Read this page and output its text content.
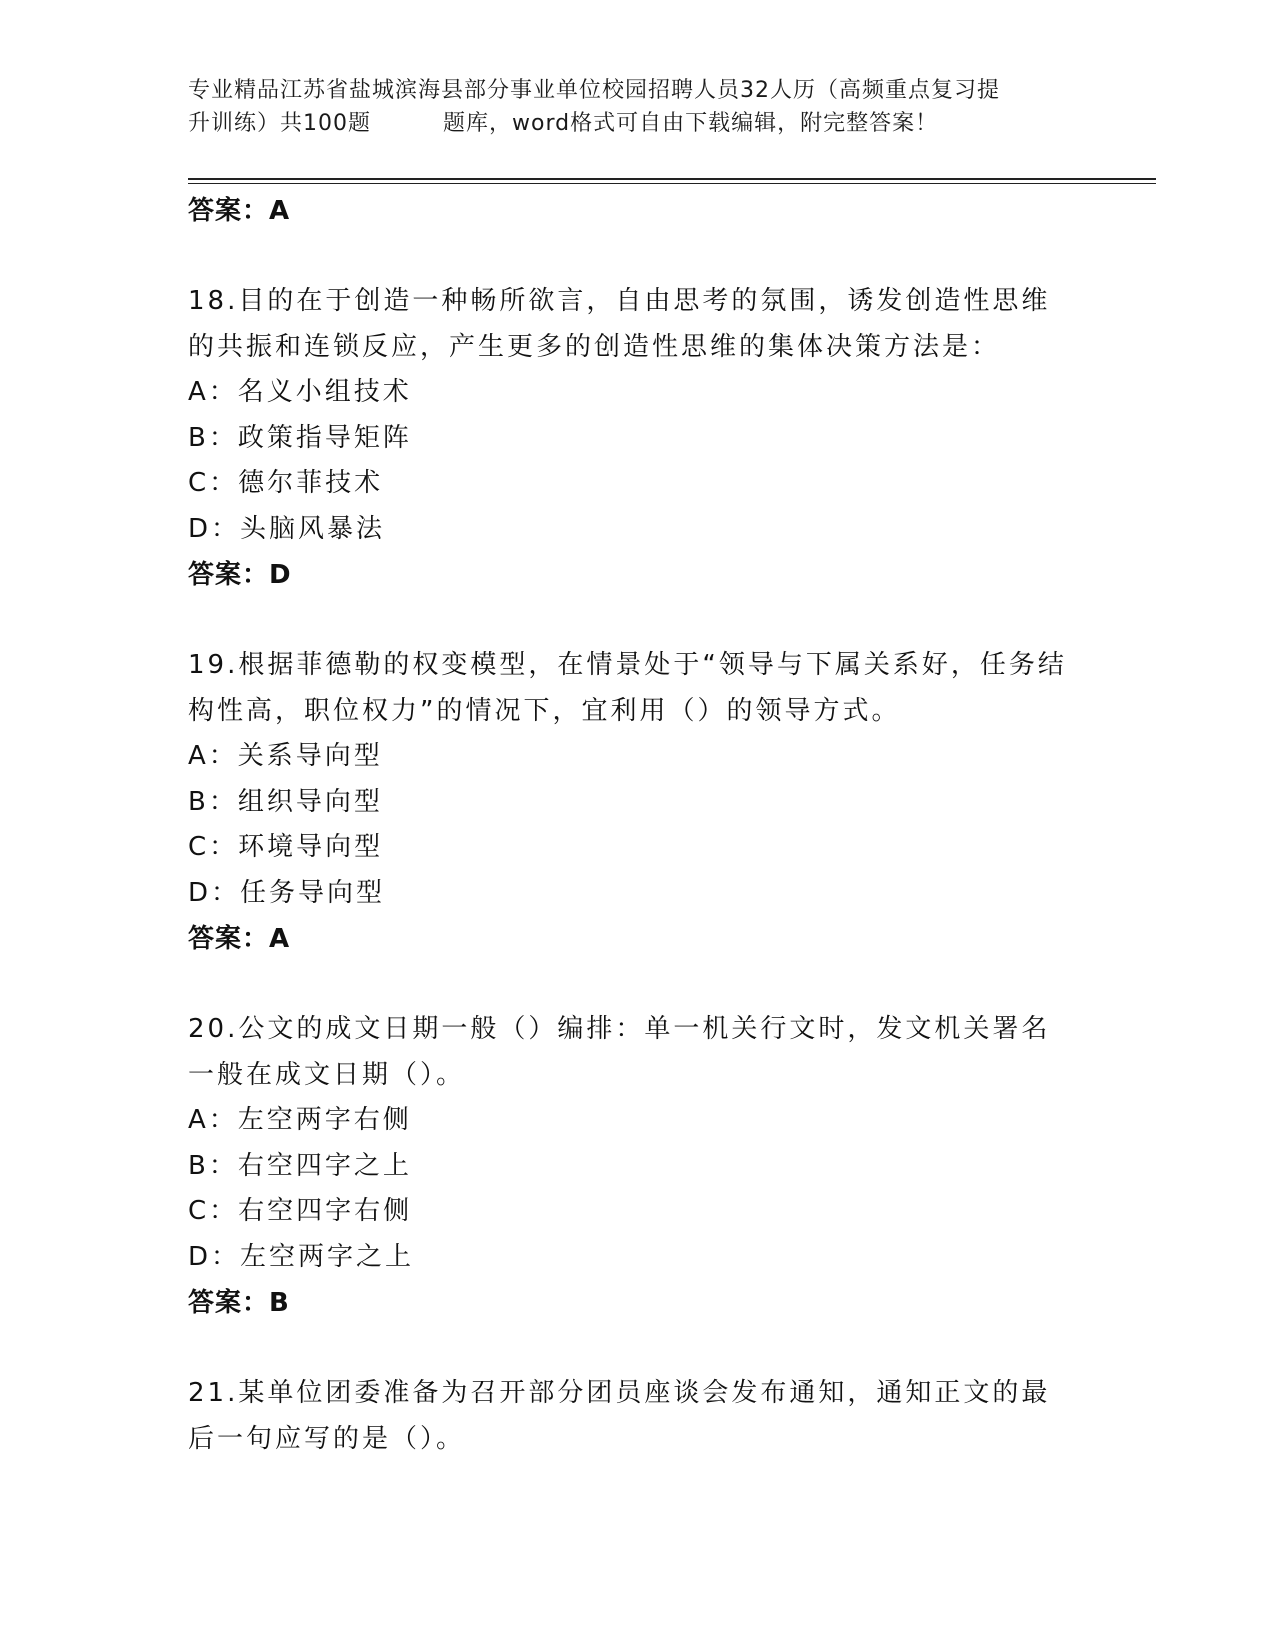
专业精品江苏省盐城滨海县部分事业单位校园招聘人员32人历（高频重点复习提
升训练）共100题	题库，word格式可自由下载编辑，附完整答案！
答案：A
18.目的在于创造一种畅所欲言，自由思考的氛围，诱发创造性思维的共振和连锁反应，产生更多的创造性思维的集体决策方法是：
A：名义小组技术
B：政策指导矩阵
C：德尔菲技术
D：头脑风暴法
答案：D
19.根据菲德勒的权变模型，在情景处于“领导与下属关系好，任务结构性高，职位权力”的情况下，宜利用（）的领导方式。
A：关系导向型
B：组织导向型
C：环境导向型
D：任务导向型
答案：A
20.公文的成文日期一般（）编排：单一机关行文时，发文机关署名一般在成文日期（）。
A：左空两字右侧
B：右空四字之上
C：右空四字右侧
D：左空两字之上
答案：B
21.某单位团委准备为召开部分团员座谈会发布通知，通知正文的最后一句应写的是（）。
